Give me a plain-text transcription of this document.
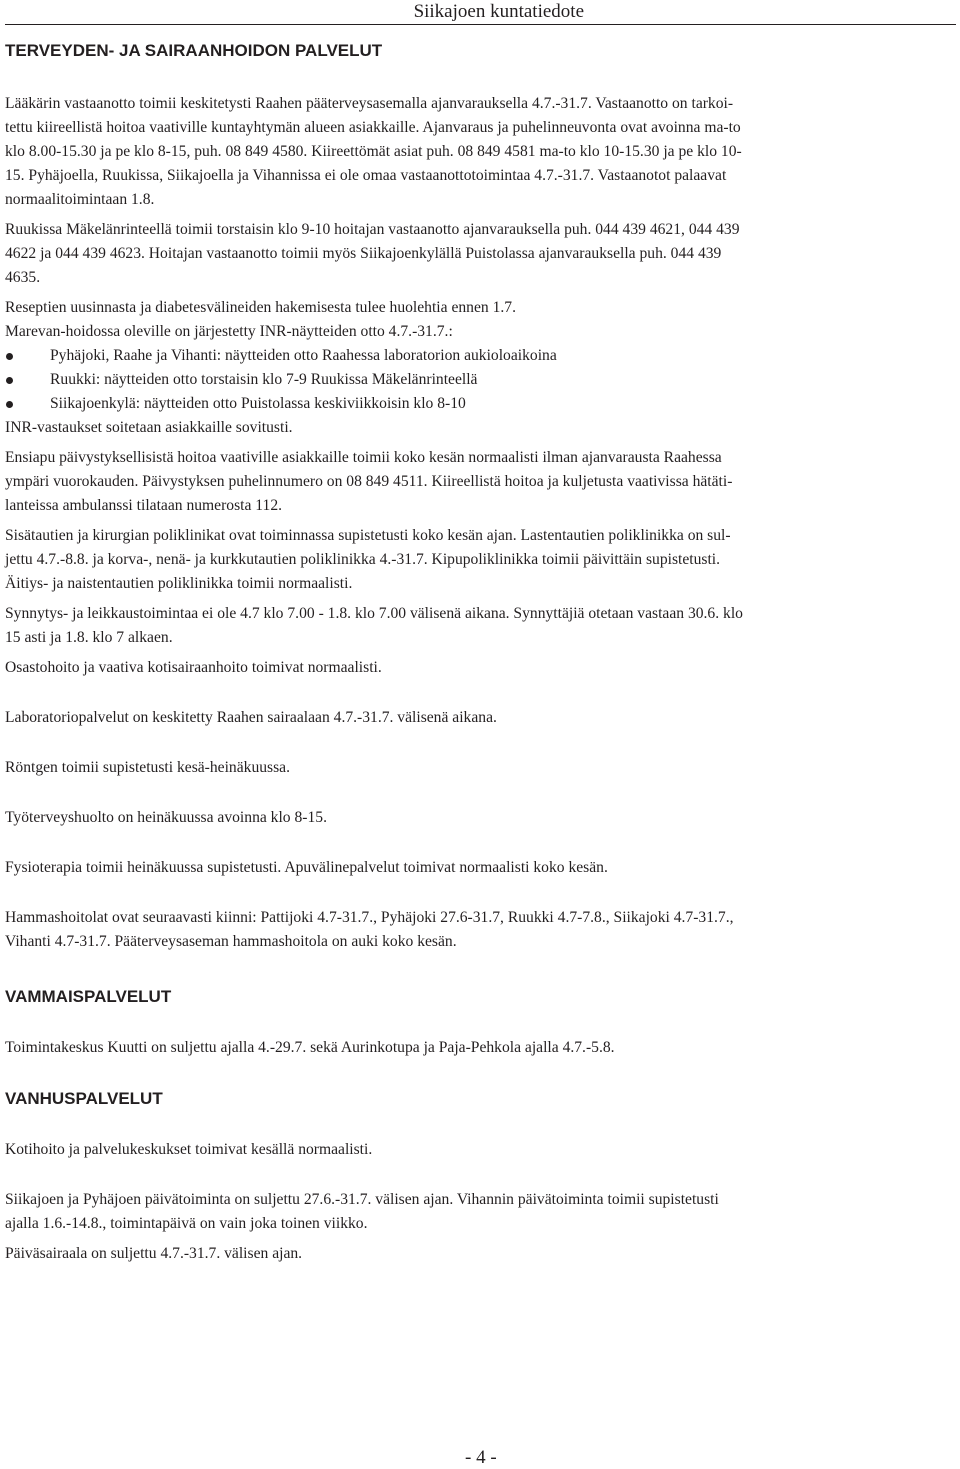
Siikajoen kuntatiedote
TERVEYDEN- JA SAIRAANHOIDON PALVELUT
Lääkärin vastaanotto toimii keskitetysti Raahen pääterveysasemalla ajanvarauksella 4.7.-31.7. Vastaanotto on tarkoi-
tettu kiireellistä hoitoa vaativille kuntayhtymän alueen asiakkaille. Ajanvaraus ja puhelinneuvonta ovat avoinna ma-to
klo 8.00-15.30 ja pe klo 8-15, puh. 08 849 4580. Kiireettömät asiat puh. 08 849 4581 ma-to klo 10-15.30 ja pe klo 10-
15. Pyhäjoella, Ruukissa, Siikajoella ja Vihannissa ei ole omaa vastaanottotoimintaa 4.7.-31.7. Vastaanotot palaavat
normaalitoimintaan 1.8.
Ruukissa Mäkelänrinteellä toimii torstaisin klo 9-10 hoitajan vastaanotto ajanvarauksella puh. 044 439 4621, 044 439
4622 ja 044 439 4623. Hoitajan vastaanotto toimii myös Siikajoenkylällä Puistolassa ajanvarauksella puh. 044 439
4635.
Reseptien uusinnasta ja diabetesvälineiden hakemisesta tulee huolehtia ennen 1.7.
Marevan-hoidossa oleville on järjestetty INR-näytteiden otto 4.7.-31.7.:
Pyhäjoki, Raahe ja Vihanti: näytteiden otto Raahessa laboratorion aukioloaikoina
Ruukki: näytteiden otto torstaisin klo 7-9 Ruukissa Mäkelänrinteellä
Siikajoenkylä: näytteiden otto Puistolassa keskiviikkoisin klo 8-10
INR-vastaukset soitetaan asiakkaille sovitusti.
Ensiapu päivystyksellisistä hoitoa vaativille asiakkaille toimii koko kesän normaalisti ilman ajanvarausta Raahessa
ympäri vuorokauden. Päivystyksen puhelinnumero on 08 849 4511. Kiireellistä hoitoa ja kuljetusta vaativissa hätäti-
lanteissa ambulanssi tilataan numerosta 112.
Sisätautien ja kirurgian poliklinikat ovat toiminnassa supistetusti koko kesän ajan. Lastentautien poliklinikka on sul-
jettu 4.7.-8.8. ja korva-, nenä- ja kurkkutautien poliklinikka 4.-31.7. Kipupoliklinikka toimii päivittäin supistetusti.
Äitiys- ja naistentautien poliklinikka toimii normaalisti.
Synnytys- ja leikkaustoimintaa ei ole 4.7 klo 7.00 - 1.8. klo 7.00 välisenä aikana. Synnyttäjiä otetaan vastaan 30.6. klo
15 asti ja 1.8. klo 7 alkaen.
Osastohoito ja vaativa kotisairaanhoito toimivat normaalisti.
Laboratoriopalvelut on keskitetty Raahen sairaalaan 4.7.-31.7. välisenä aikana.
Röntgen toimii supistetusti kesä-heinäkuussa.
Työterveyshuolto on heinäkuussa avoinna klo 8-15.
Fysioterapia toimii heinäkuussa supistetusti. Apuvälinepalvelut toimivat normaalisti koko kesän.
Hammashoitolat ovat seuraavasti kiinni: Pattijoki 4.7-31.7., Pyhäjoki 27.6-31.7, Ruukki 4.7-7.8., Siikajoki 4.7-31.7.,
Vihanti 4.7-31.7. Pääterveysaseman hammashoitola on auki koko kesän.
VAMMAISPALVELUT
Toimintakeskus Kuutti on suljettu ajalla 4.-29.7. sekä Aurinkotupa ja Paja-Pehkola ajalla 4.7.-5.8.
VANHUSPALVELUT
Kotihoito ja palvelukeskukset toimivat kesällä normaalisti.
Siikajoen ja Pyhäjoen päivätoiminta on suljettu 27.6.-31.7. välisen ajan. Vihannin päivätoiminta toimii supistetusti
ajalla 1.6.-14.8., toimintapäivä on vain joka toinen viikko.
Päiväsairaala on suljettu 4.7.-31.7. välisen ajan.
- 4 -
